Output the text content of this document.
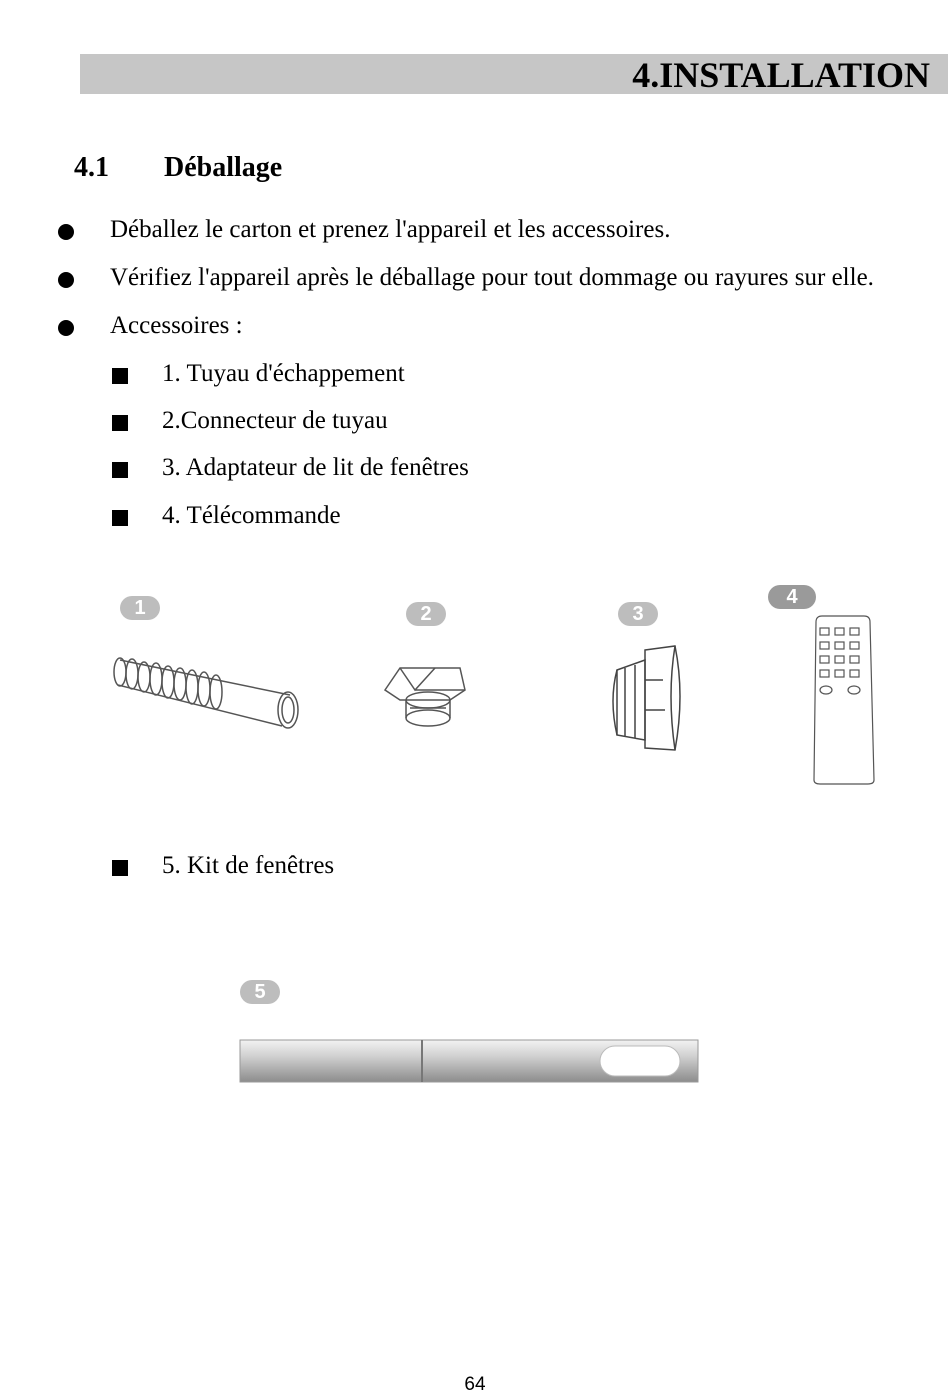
4.INSTALLATION
4.1 Déballage
Déballez le carton et prenez l'appareil et les accessoires.
Vérifiez l'appareil après le déballage pour tout dommage ou rayures sur elle.
Accessoires :
1. Tuyau d'échappement
2.Connecteur de tuyau
3. Adaptateur de lit de fenêtres
4. Télécommande
1	2	3
4
5. Kit de fenêtres
5
64
